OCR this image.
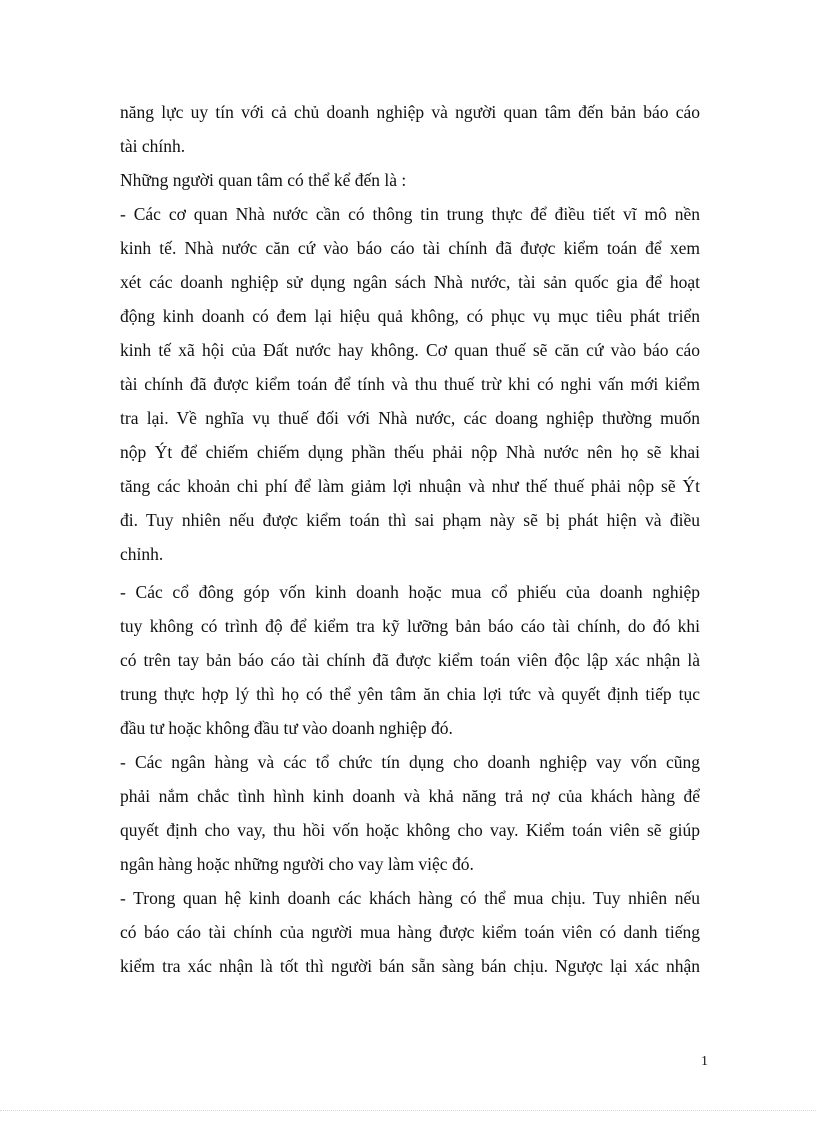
năng lực uy tín với cả chủ doanh nghiệp và người quan tâm đến bản báo cáo

tài chính.

Những người quan tâm có thể kể đến là :

- Các cơ quan Nhà nước cần có thông tin trung thực để điều tiết vĩ mô nền

kinh tế. Nhà nước căn cứ vào báo cáo tài chính đã được kiểm toán để xem

xét các doanh nghiệp sử dụng ngân sách Nhà nước, tài sản quốc gia để hoạt

động kinh doanh có đem lại hiệu quả không, có phục vụ mục tiêu phát triển

kinh tế xã hội của Đất nước hay không. Cơ quan thuế sẽ căn cứ vào báo cáo

tài chính đã được kiểm toán để tính và thu thuế trừ khi có nghi vấn mới kiểm

tra lại. Về nghĩa vụ thuế đối với Nhà nước, các doang nghiệp thường muốn

nộp Ýt để chiếm chiếm dụng phần thếu phải nộp Nhà nước nên họ sẽ khai

tăng các khoản chi phí để làm giảm lợi nhuận và như thế thuế phải nộp sẽ Ýt

đi. Tuy nhiên nếu được kiểm toán thì sai phạm này sẽ bị phát hiện và điều

chỉnh.

- Các cổ đông góp vốn kinh doanh hoặc mua cổ phiếu của doanh nghiệp

tuy không có trình độ để kiểm tra kỹ lưỡng bản báo cáo tài chính, do đó khi

có trên tay bản báo cáo tài chính đã được kiểm toán viên độc lập xác nhận là

trung thực hợp lý thì họ có thể yên tâm ăn chia lợi tức và quyết định tiếp tục

đầu tư hoặc không đầu tư vào doanh nghiệp đó.

- Các ngân hàng và các tổ chức tín dụng cho doanh nghiệp vay vốn cũng

phải nắm chắc tình hình kinh doanh và khả năng trả nợ của khách hàng để

quyết định cho vay, thu hồi vốn hoặc không cho vay. Kiểm toán viên sẽ giúp

ngân hàng hoặc những người cho vay làm việc đó.

- Trong quan hệ kinh doanh các khách hàng có thể mua chịu. Tuy nhiên nếu

có báo cáo tài chính của người mua hàng được kiểm toán viên có danh tiếng

kiểm tra xác nhận là tốt thì người bán sẵn sàng bán chịu. Ngược lại xác nhận

1
